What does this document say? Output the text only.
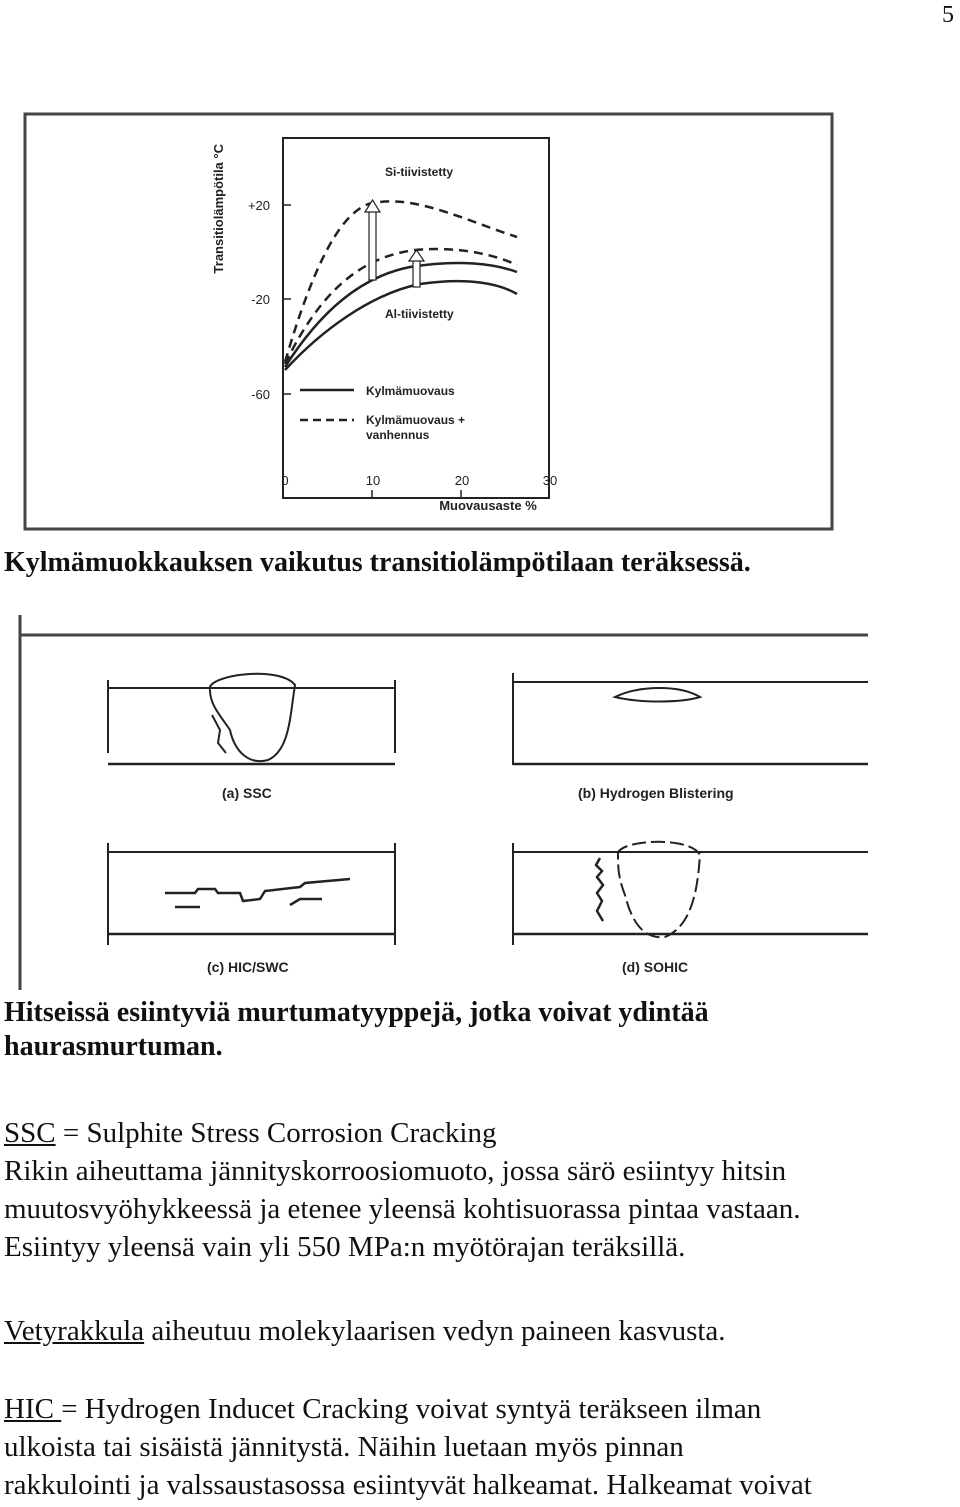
5
Transitiolämpötila °C +20
-20
-60
0	10	20	30
Muovausaste %
Si-tiivistetty
Al-tiivistetty
Kylmämuovaus
Kylmämuovaus +
vanhennus
Kylmämuokkauksen vaikutus transitiolämpötilaan teräksessä.
(a) SSC	(b) Hydrogen Blistering
(c) HIC/SWC	(d) SOHIC
Hitseissä esiintyviä murtumatyyppejä, jotka voivat ydintää
haurasmurtuman.

SSC = Sulphite Stress Corrosion Cracking

Rikin aiheuttama jännityskorroosiomuoto, jossa särö esiintyy hitsin

muutosvyöhykkeessä ja etenee yleensä kohtisuorassa pintaa vastaan.

Esiintyy yleensä vain yli 550 MPa:n myötörajan teräksillä.

Vetyrakkula aiheutuu molekylaarisen vedyn paineen kasvusta.

HIC = Hydrogen Inducet Cracking voivat syntyä teräkseen ilman

ulkoista tai sisäistä jännitystä. Näihin luetaan myös pinnan

rakkulointi ja valssaustasossa esiintyvät halkeamat. Halkeamat voivat
